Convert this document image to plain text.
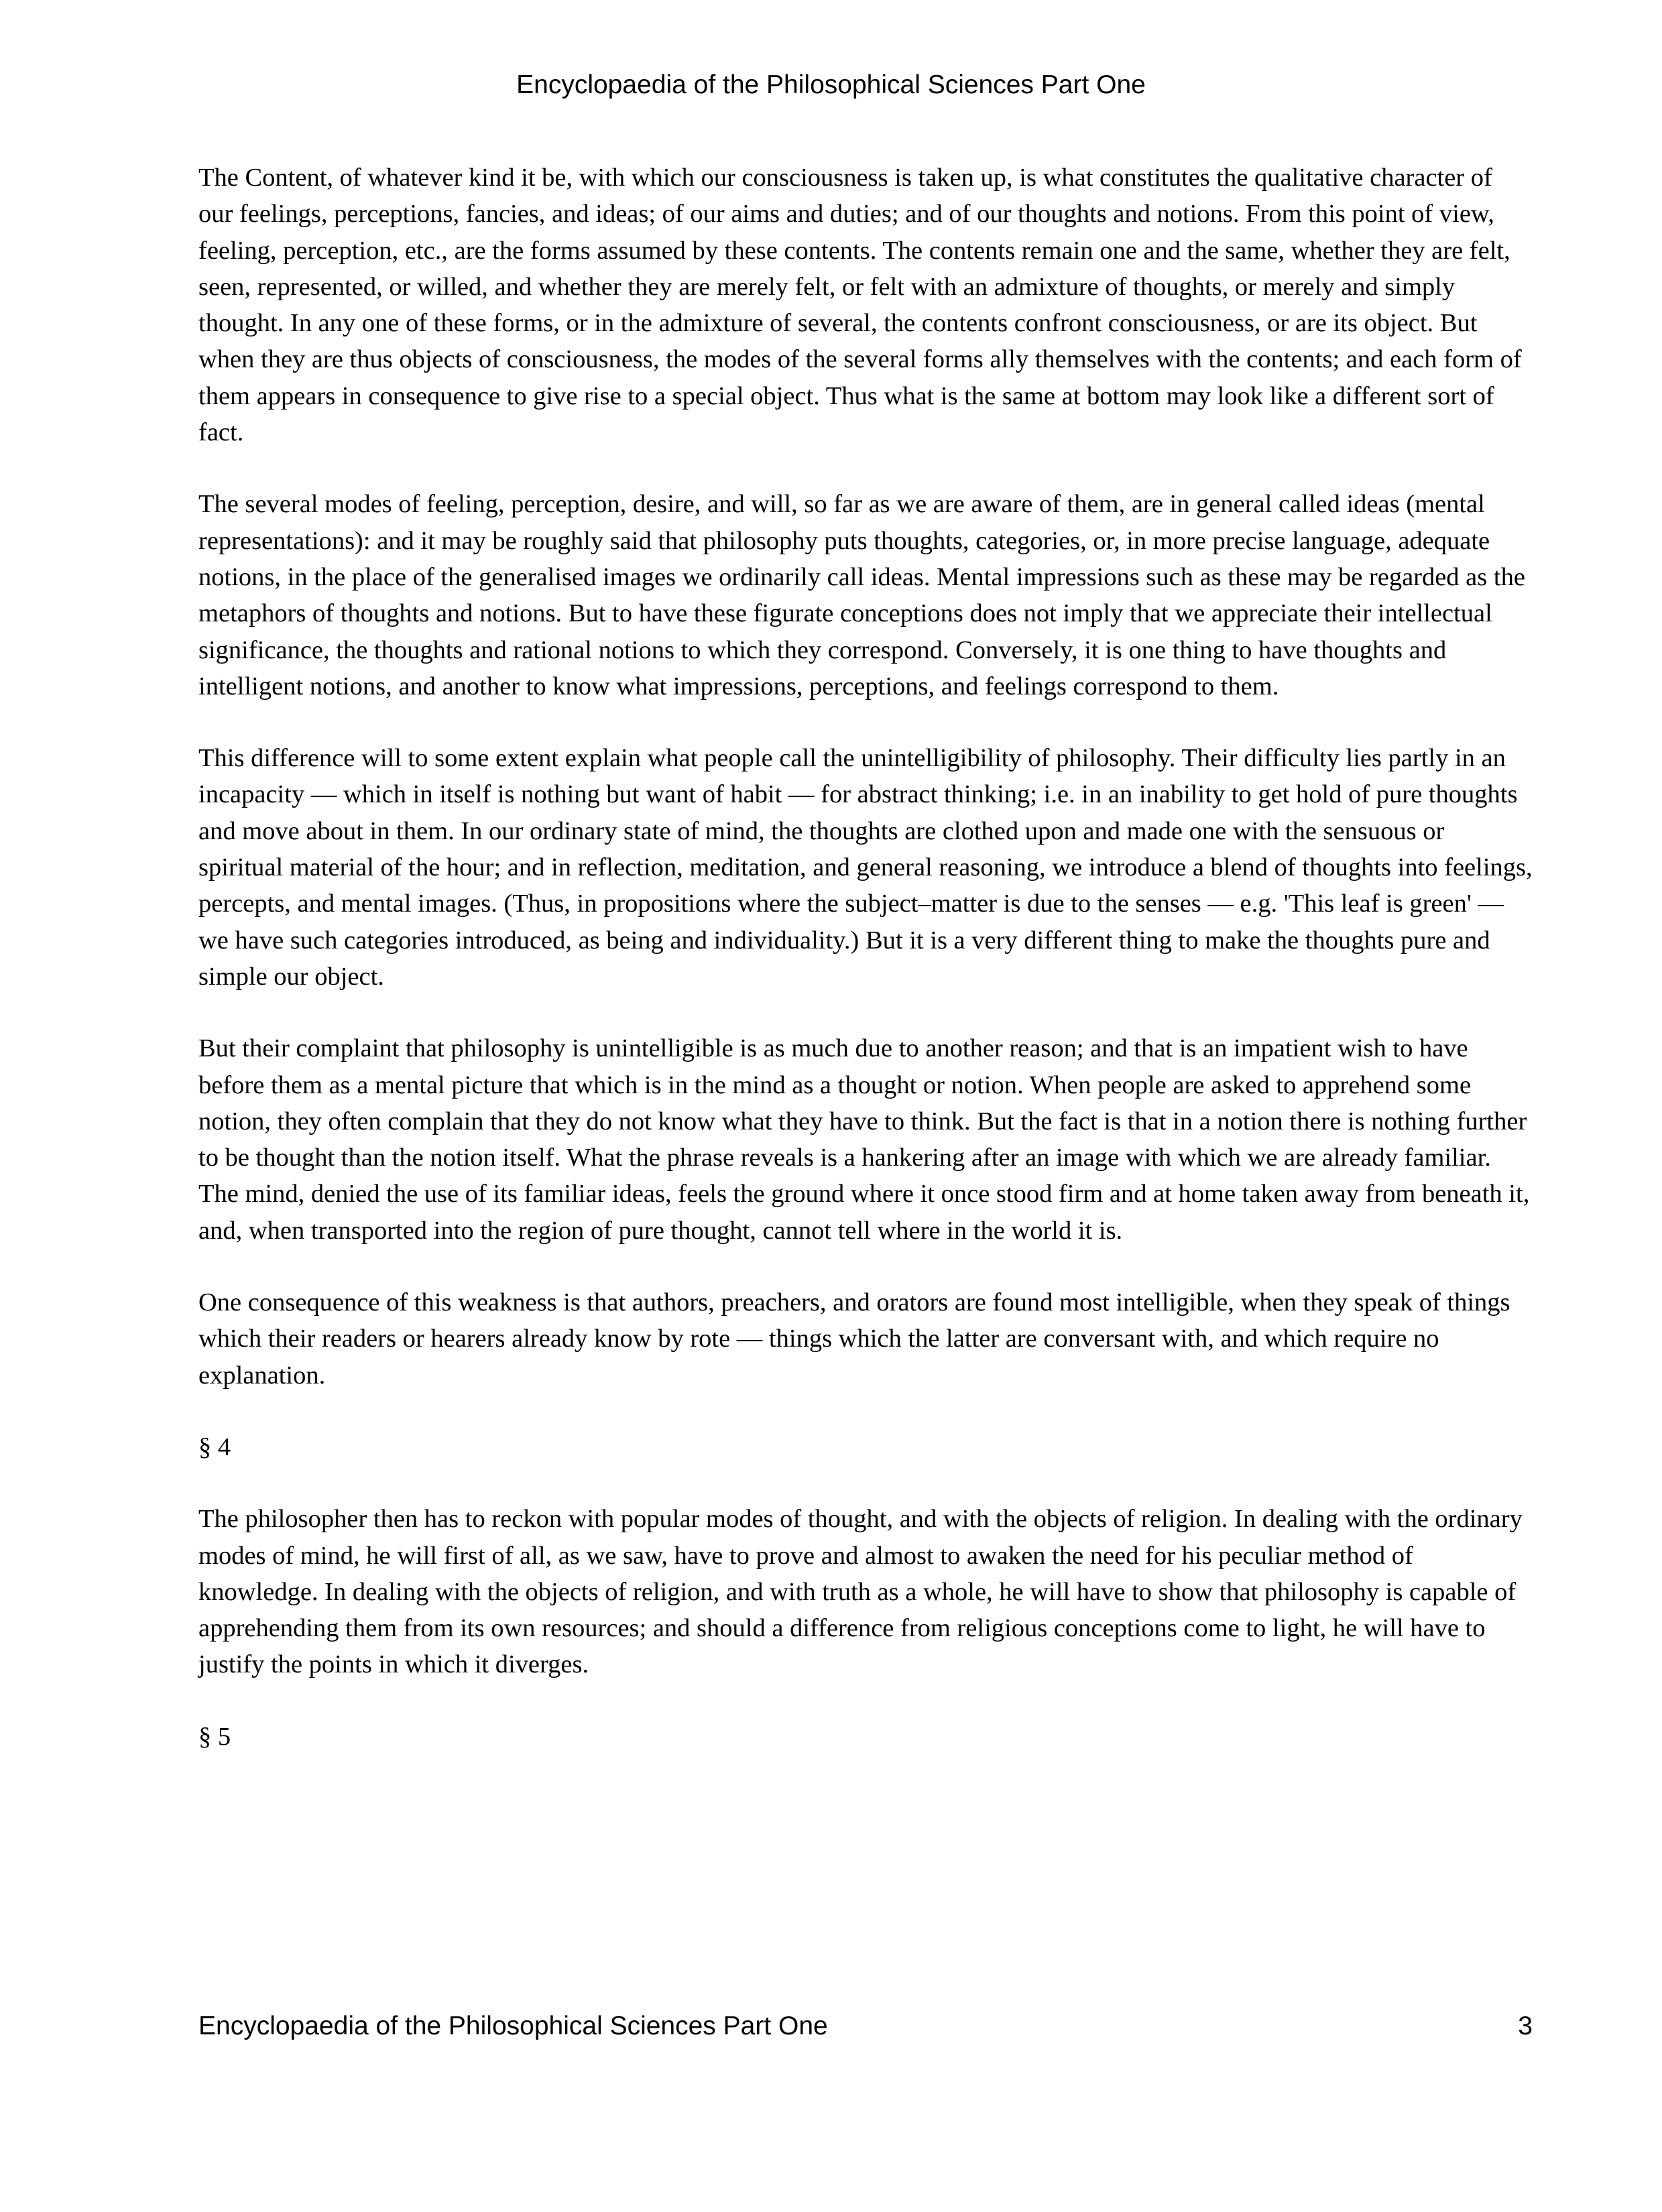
Encyclopaedia of the Philosophical Sciences Part One

The Content, of whatever kind it be, with which our consciousness is taken up, is what constitutes the qualitative character of our feelings, perceptions, fancies, and ideas; of our aims and duties; and of our thoughts and notions. From this point of view, feeling, perception, etc., are the forms assumed by these contents. The contents remain one and the same, whether they are felt, seen, represented, or willed, and whether they are merely felt, or felt with an admixture of thoughts, or merely and simply thought. In any one of these forms, or in the admixture of several, the contents confront consciousness, or are its object. But when they are thus objects of consciousness, the modes of the several forms ally themselves with the contents; and each form of them appears in consequence to give rise to a special object. Thus what is the same at bottom may look like a different sort of fact.

The several modes of feeling, perception, desire, and will, so far as we are aware of them, are in general called ideas (mental representations): and it may be roughly said that philosophy puts thoughts, categories, or, in more precise language, adequate notions, in the place of the generalised images we ordinarily call ideas. Mental impressions such as these may be regarded as the metaphors of thoughts and notions. But to have these figurate conceptions does not imply that we appreciate their intellectual significance, the thoughts and rational notions to which they correspond. Conversely, it is one thing to have thoughts and intelligent notions, and another to know what impressions, perceptions, and feelings correspond to them.

This difference will to some extent explain what people call the unintelligibility of philosophy. Their difficulty lies partly in an incapacity –– which in itself is nothing but want of habit –– for abstract thinking; i.e. in an inability to get hold of pure thoughts and move about in them. In our ordinary state of mind, the thoughts are clothed upon and made one with the sensuous or spiritual material of the hour; and in reflection, meditation, and general reasoning, we introduce a blend of thoughts into feelings, percepts, and mental images. (Thus, in propositions where the subject–matter is due to the senses –– e.g. 'This leaf is green' –– we have such categories introduced, as being and individuality.) But it is a very different thing to make the thoughts pure and simple our object.

But their complaint that philosophy is unintelligible is as much due to another reason; and that is an impatient wish to have before them as a mental picture that which is in the mind as a thought or notion. When people are asked to apprehend some notion, they often complain that they do not know what they have to think. But the fact is that in a notion there is nothing further to be thought than the notion itself. What the phrase reveals is a hankering after an image with which we are already familiar. The mind, denied the use of its familiar ideas, feels the ground where it once stood firm and at home taken away from beneath it, and, when transported into the region of pure thought, cannot tell where in the world it is.

One consequence of this weakness is that authors, preachers, and orators are found most intelligible, when they speak of things which their readers or hearers already know by rote –– things which the latter are conversant with, and which require no explanation.

§ 4

The philosopher then has to reckon with popular modes of thought, and with the objects of religion. In dealing with the ordinary modes of mind, he will first of all, as we saw, have to prove and almost to awaken the need for his peculiar method of knowledge. In dealing with the objects of religion, and with truth as a whole, he will have to show that philosophy is capable of apprehending them from its own resources; and should a difference from religious conceptions come to light, he will have to justify the points in which it diverges.

§ 5

Encyclopaedia of the Philosophical Sciences Part One	3
